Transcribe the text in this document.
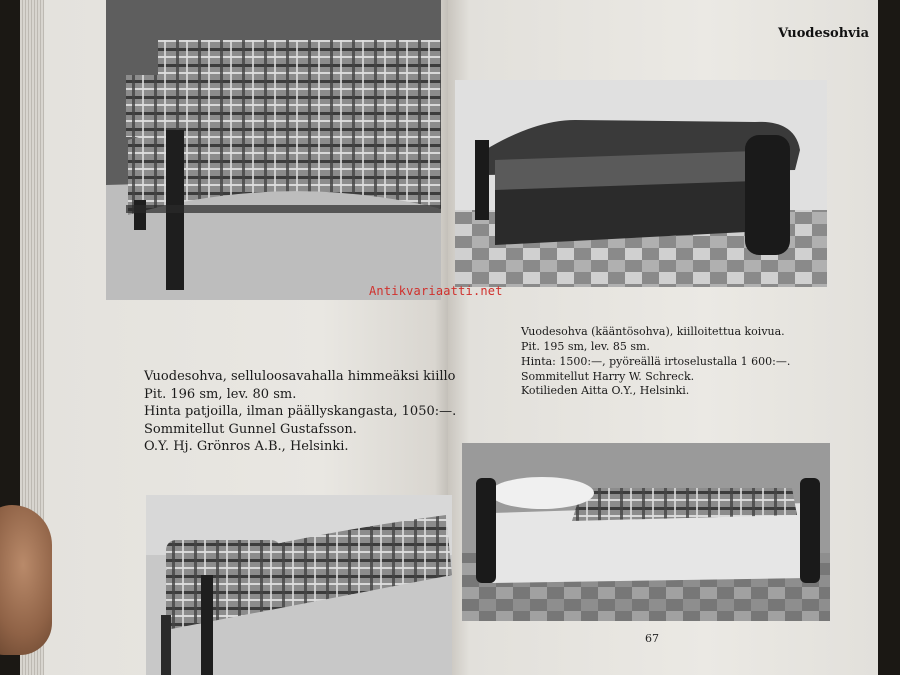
Vuodesohvia
Vuodesohva, selluloosavahalla himmeäksi kiillo
Pit. 196 sm, lev. 80 sm.
Hinta patjoilla, ilman päällyskangasta, 1050:—.
Sommitellut Gunnel Gustafsson.
O.Y. Hj. Grönros A.B., Helsinki.
Vuodesohva (kääntösohva), kiilloitettua koivua.
Pit. 195 sm, lev. 85 sm.
Hinta: 1500:—, pyöreällä irtoselustalla 1 600:—.
Sommitellut Harry W. Schreck.
Kotilieden Aitta O.Y., Helsinki.
67
Antikvariaatti.net
